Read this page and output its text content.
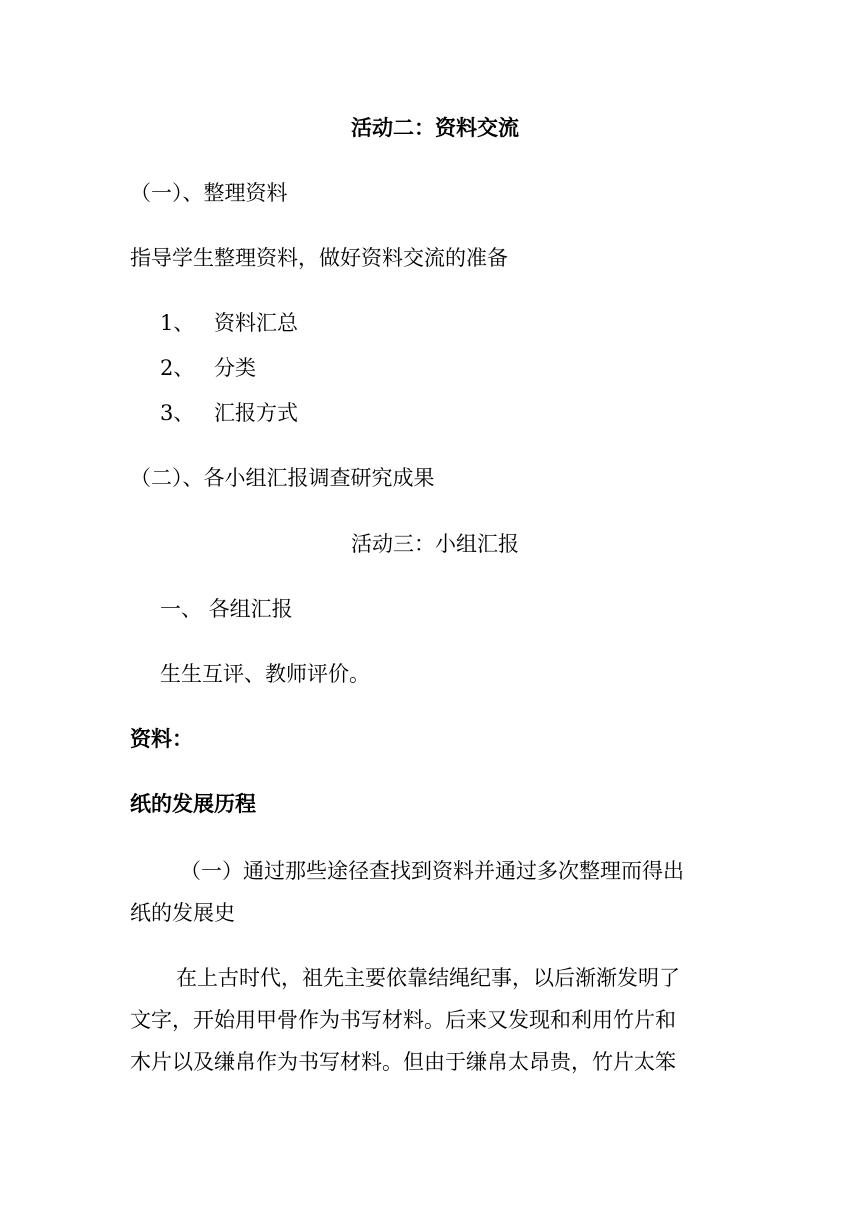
活动二：资料交流
（一）、整理资料
指导学生整理资料，做好资料交流的准备
1、 资料汇总
2、 分类
3、 汇报方式
（二）、各小组汇报调查研究成果
活动三：小组汇报
一、 各组汇报
生生互评、教师评价。
资料：
纸的发展历程
（一）通过那些途径查找到资料并通过多次整理而得出
纸的发展史
在上古时代，祖先主要依靠结绳纪事，以后渐渐发明了
文字，开始用甲骨作为书写材料。后来又发现和利用竹片和
木片以及缣帛作为书写材料。但由于缣帛太昂贵，竹片太笨
